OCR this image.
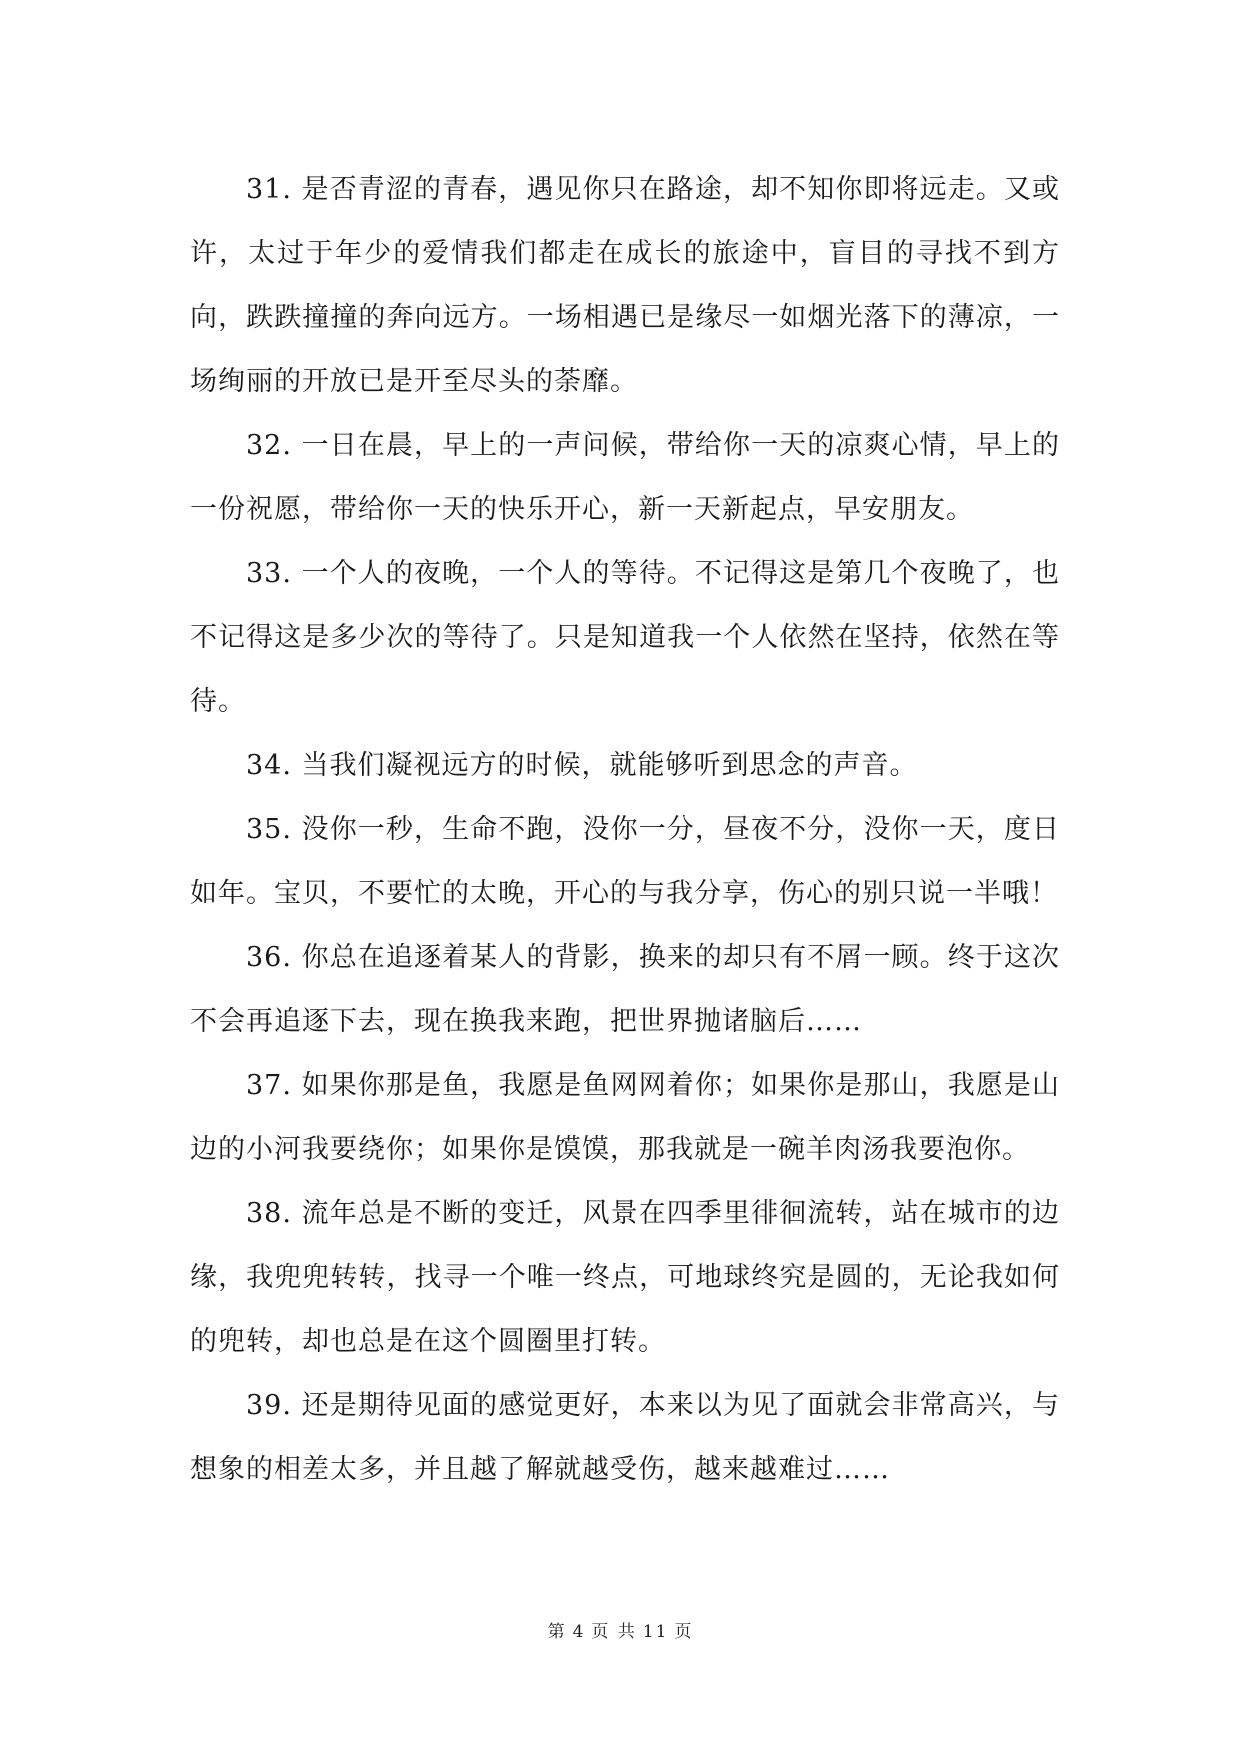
31. 是否青涩的青春，遇见你只在路途，却不知你即将远走。又或许，太过于年少的爱情我们都走在成长的旅途中，盲目的寻找不到方向，跌跌撞撞的奔向远方。一场相遇已是缘尽一如烟光落下的薄凉，一场绚丽的开放已是开至尽头的荼靡。

32. 一日在晨，早上的一声问候，带给你一天的凉爽心情，早上的一份祝愿，带给你一天的快乐开心，新一天新起点，早安朋友。

33. 一个人的夜晚，一个人的等待。不记得这是第几个夜晚了，也不记得这是多少次的等待了。只是知道我一个人依然在坚持，依然在等待。

34. 当我们凝视远方的时候，就能够听到思念的声音。

35. 没你一秒，生命不跑，没你一分，昼夜不分，没你一天，度日如年。宝贝，不要忙的太晚，开心的与我分享，伤心的别只说一半哦！

36. 你总在追逐着某人的背影，换来的却只有不屑一顾。终于这次不会再追逐下去，现在换我来跑，把世界抛诸脑后……

37. 如果你那是鱼，我愿是鱼网网着你；如果你是那山，我愿是山边的小河我要绕你；如果你是馍馍，那我就是一碗羊肉汤我要泡你。

38. 流年总是不断的变迁，风景在四季里徘徊流转，站在城市的边缘，我兜兜转转，找寻一个唯一终点，可地球终究是圆的，无论我如何的兜转，却也总是在这个圆圈里打转。

39. 还是期待见面的感觉更好，本来以为见了面就会非常高兴，与想象的相差太多，并且越了解就越受伤，越来越难过……

第 4 页 共 11 页
